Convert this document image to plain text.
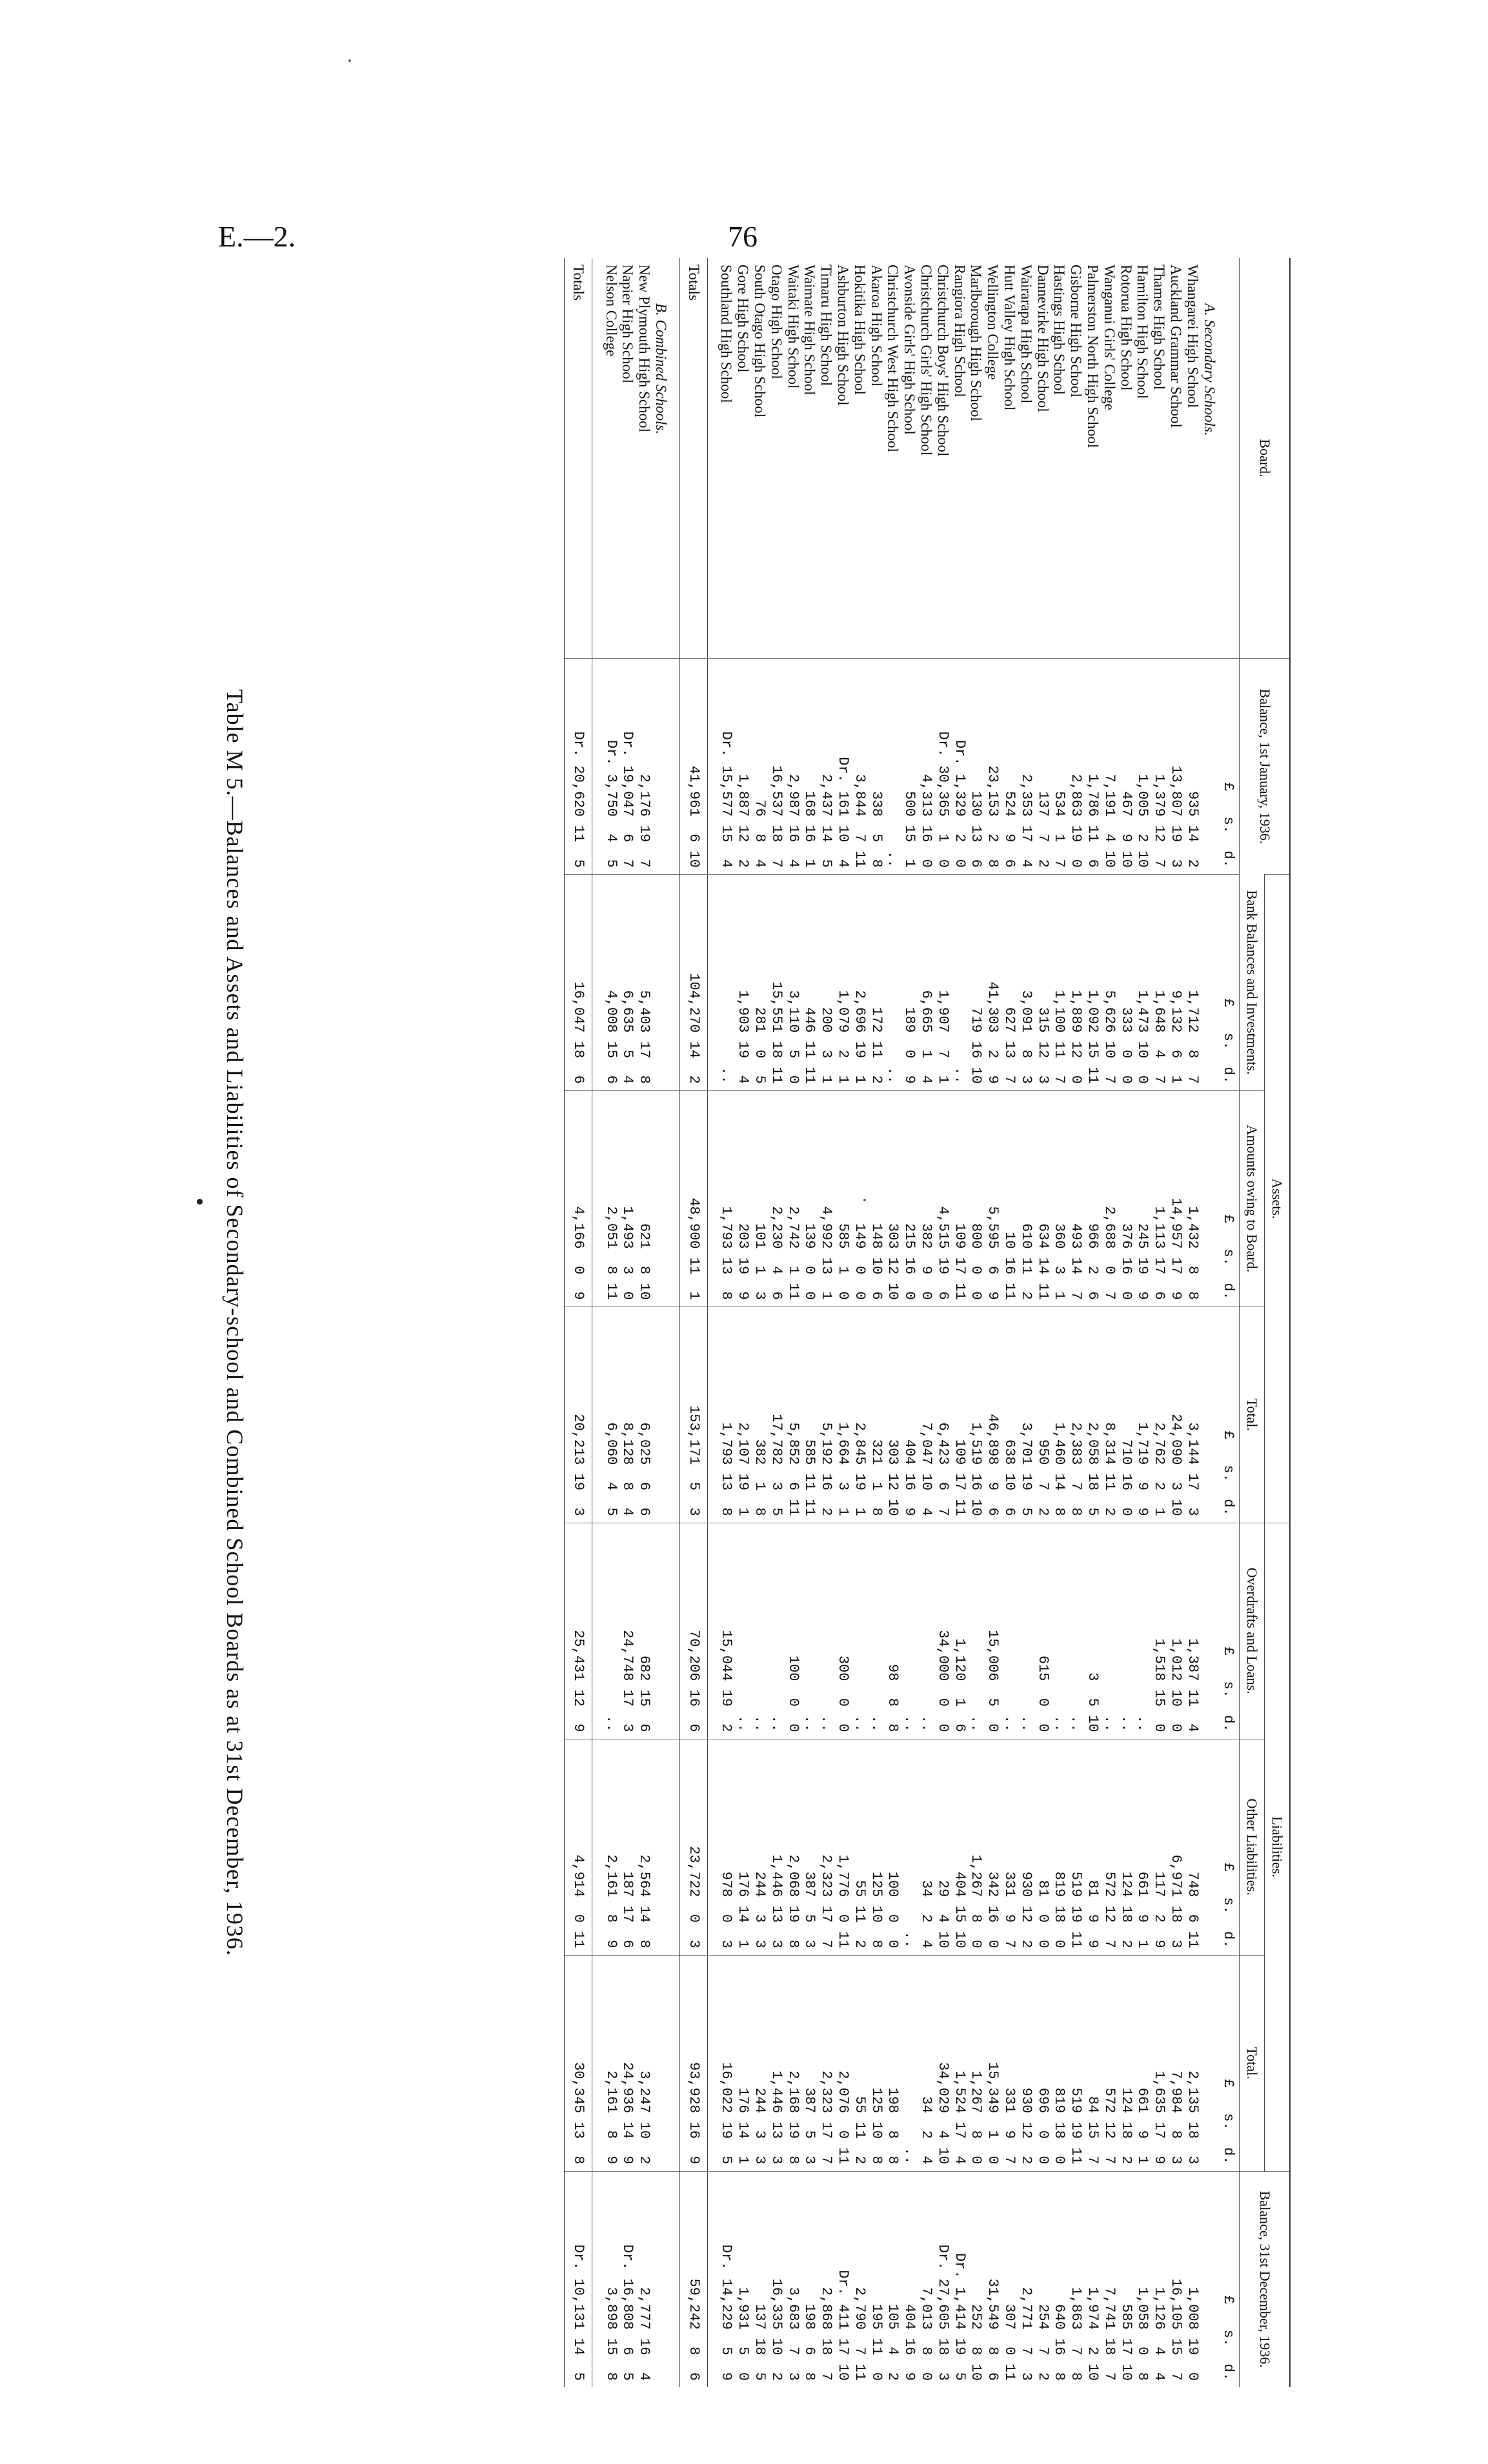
E.—2.	76
Board.	Balance, 1st January, 1936.	Assets.			Liabilities.			Balance, 31st December, 1936.
		Bank Balances and Investments.	Amounts owing to Board.	Total.	Overdrafts and Loans.	Other Liabilities.	Total.	
	£   s.  d.	£   s.  d.	£   s.  d.	£   s.  d.	£   s.  d.	£   s.  d.	£   s.  d.	£   s.  d.
A. Secondary Schools.								
Whangarei High School	935 14  2	1,712  8  7	1,432  8  8	3,144 17  3	1,387 11  4	748  6 11	2,135 18  3	1,008 19  0
Auckland Grammar School	13,807 19  3	9,132  6  1	14,957 17  9	24,090  3 10	1,012 10  0	6,971 18  3	7,984  8  3	16,105 15  7
Thames High School	1,379 12  7	1,648  4  7	1,113 17  6	2,762  2  1	1,518 15  0	117  2  9	1,635 17  9	1,126  4  4
Hamilton High School	1,005  2 10	1,473 10  0	245 19  9	1,719  9  9	..	661  9  1	661  9  1	1,058  0  8
Rotorua High School	467  9 10	333  0  0	376 16  0	710 16  0	..	124 18  2	124 18  2	585 17 10
Wanganui Girls' College	7,191  4 10	5,626 10  7	2,688  0  7	8,314 11  2	..	572 12  7	572 12  7	7,741 18  7
Palmerston North High School	1,786 11  6	1,092 15 11	966  2  6	2,058 18  5	3  5 10	81  9  9	84 15  7	1,974  2 10
Gisborne High School	2,863 19  0	1,889 12  0	493 14  7	2,383  7  8	..	519 19 11	519 19 11	1,863  7  8
Hastings High School	534  1  7	1,100 11  7	360  3  1	1,460 14  8	..	819 18  0	819 18  0	640 16  8
Dannevirke High School	137  7  2	315 12  3	634 14 11	950  7  2	615  0  0	81  0  0	696  0  0	254  7  2
Wairarapa High School	2,353 17  4	3,091  8  3	610 11  2	3,701 19  5	..	930 12  2	930 12  2	2,771  7  3
Hutt Valley High School	524  9  6	627 13  7	10 16 11	638 10  6	..	331  9  7	331  9  7	307  0 11
Wellington College	23,153  2  8	41,303  2  9	5,595  6  9	46,898  9  6	15,006  5  0	342 16  0	15,349  1  0	31,549  8  6
Marlborough High School	130 13  6	719 16 10	800  0  0	1,519 16 10	..	1,267  8  0	1,267  8  0	252  8 10
Rangiora High School	Dr. 1,329  2  0	..	109 17 11	109 17 11	1,120  1  6	404 15 10	1,524 17  4	Dr. 1,414 19  5
Christchurch Boys' High School	Dr. 30,365  1  0	1,907  7  1	4,515 19  6	6,423  6  7	34,000  0  0	29  4 10	34,029  4 10	Dr. 27,605 18  3
Christchurch Girls' High School	4,313 16  0	6,665  1  4	382  9  0	7,047 10  4	..	34  2  4	34  2  4	7,013  8  0
Avonside Girls' High School	500 15  1	189  0  9	215 16  0	404 16  9	..	..	..	404 16  9
Christchurch West High School	..	..	303 12 10	303 12 10	98  8  8	100  0  0	198  8  8	105  4  2
Akaroa High School	338  5  8	172 11  2	148 10  6	321  1  8	..	125 10  8	125 10  8	195 11  0
Hokitika High School	3,844  7 11	2,696 19  1	149  0  0	2,845 19  1	..	55 11  2	55 11  2	2,790  7 11
Ashburton High School	Dr. 161 10  4	1,079  2  1	585  1  0	1,664  3  1	300  0  0	1,776  0 11	2,076  0 11	Dr. 411 17 10
Timaru High School	2,437 14  5	200  3  1	4,992 13  1	5,192 16  2	..	2,323 17  7	2,323 17  7	2,868 18  7
Waimate High School	168 16  1	446 11 11	139  0  0	585 11 11	..	387  5  3	387  5  3	198  6  8
Waitaki High School	2,987 16  4	3,110  5  0	2,742  1 11	5,852  6 11	100  0  0	2,068 19  8	2,168 19  8	3,683  7  3
Otago High School	16,537 18  7	15,551 18 11	2,230  4  6	17,782  3  5	..	1,446 13  3	1,446 13  3	16,335 10  2
South Otago High School	76  8  4	281  0  5	101  1  3	382  1  8	..	244  3  3	244  3  3	137 18  5
Gore High School	1,887 12  2	1,903 19  4	203 19  9	2,107 19  1	..	176 14  1	176 14  1	1,931  5  0
Southland High School	Dr. 15,577 15  4	..	1,793 13  8	1,793 13  8	15,044 19  2	978  0  3	16,022 19  5	Dr. 14,229  5  9

Totals	41,961  6 10	104,270 14  2	48,900 11  1	153,171  5  3	70,206 16  6	23,722  0  3	93,928 16  9	59,242  8  6

B. Combined Schools.								
New Plymouth High School	2,176 19  7	5,403 17  8	621  8 10	6,025  6  6	682 15  6	2,564 14  8	3,247 10  2	2,777 16  4
Napier High School	Dr. 19,047  6  7	6,635  5  4	1,493  3  0	8,128  8  4	24,748 17  3	187 17  6	24,936 14  9	Dr. 16,808  6  5
Nelson College	Dr. 3,750  4  5	4,008 15  6	2,051  8 11	6,060  4  5	..	2,161  8  9	2,161  8  9	3,898 15  8

Totals	Dr. 20,620 11  5	16,047 18  6	4,166  0  9	20,213 19  3	25,431 12  9	4,914  0 11	30,345 13  8	Dr. 10,131 14  5
Table M 5.—Balances and Assets and Liabilities of Secondary-school and Combined School Boards as at 31st December, 1936.
